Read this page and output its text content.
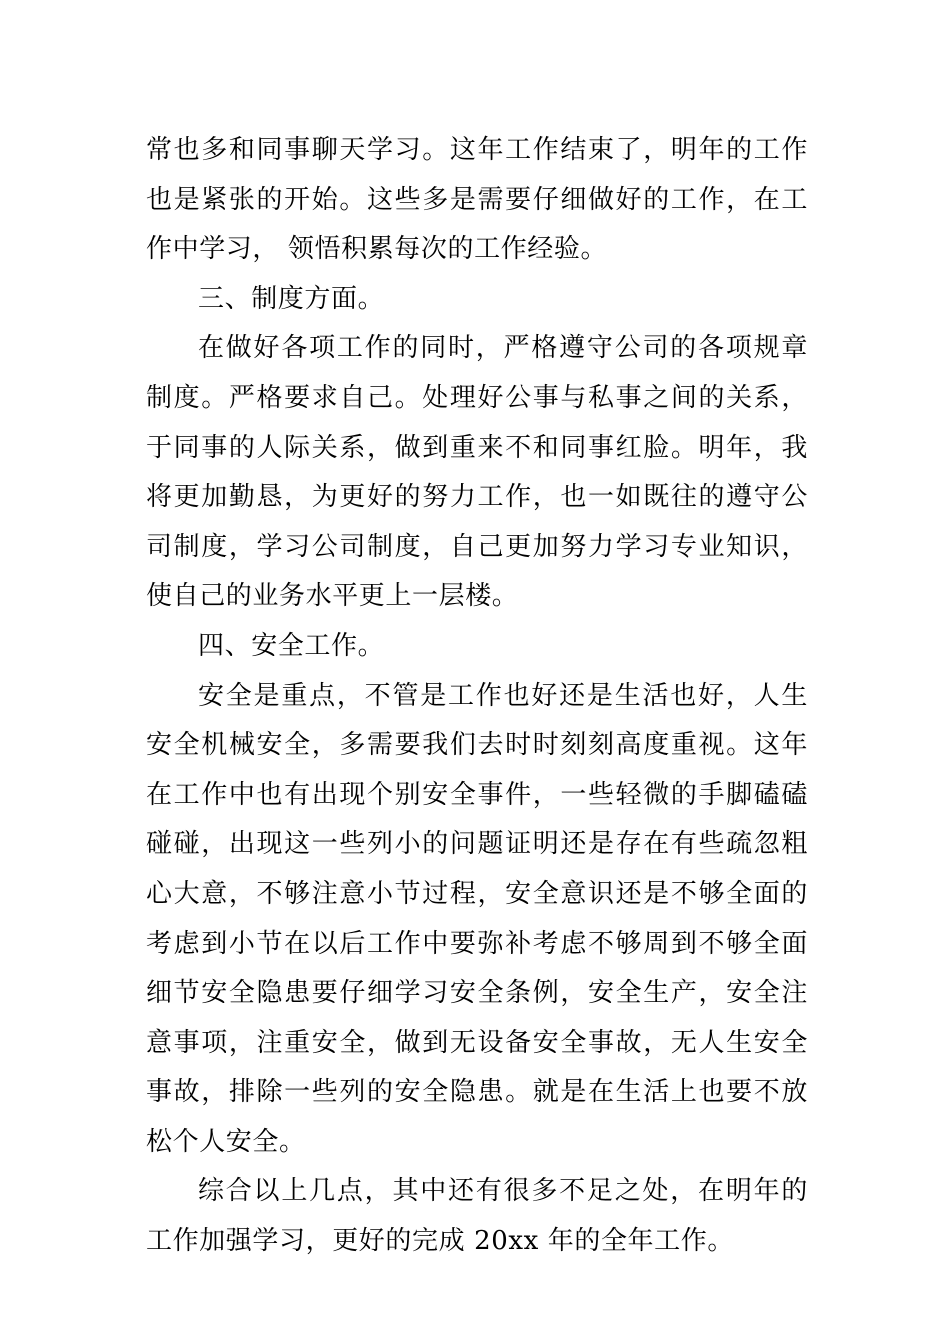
常也多和同事聊天学习。这年工作结束了，明年的工作也是紧张的开始。这些多是需要仔细做好的工作，在工作中学习， 领悟积累每次的工作经验。

三、制度方面。

在做好各项工作的同时，严格遵守公司的各项规章制度。严格要求自己。处理好公事与私事之间的关系，于同事的人际关系，做到重来不和同事红脸。明年，我将更加勤恳，为更好的努力工作，也一如既往的遵守公司制度，学习公司制度，自己更加努力学习专业知识，使自己的业务水平更上一层楼。

四、安全工作。

安全是重点，不管是工作也好还是生活也好，人生安全机械安全，多需要我们去时时刻刻高度重视。这年在工作中也有出现个别安全事件，一些轻微的手脚磕磕碰碰，出现这一些列小的问题证明还是存在有些疏忽粗心大意，不够注意小节过程，安全意识还是不够全面的考虑到小节在以后工作中要弥补考虑不够周到不够全面细节安全隐患要仔细学习安全条例，安全生产，安全注意事项，注重安全，做到无设备安全事故，无人生安全事故，排除一些列的安全隐患。就是在生活上也要不放松个人安全。

综合以上几点，其中还有很多不足之处，在明年的工作加强学习，更好的完成 20xx 年的全年工作。
